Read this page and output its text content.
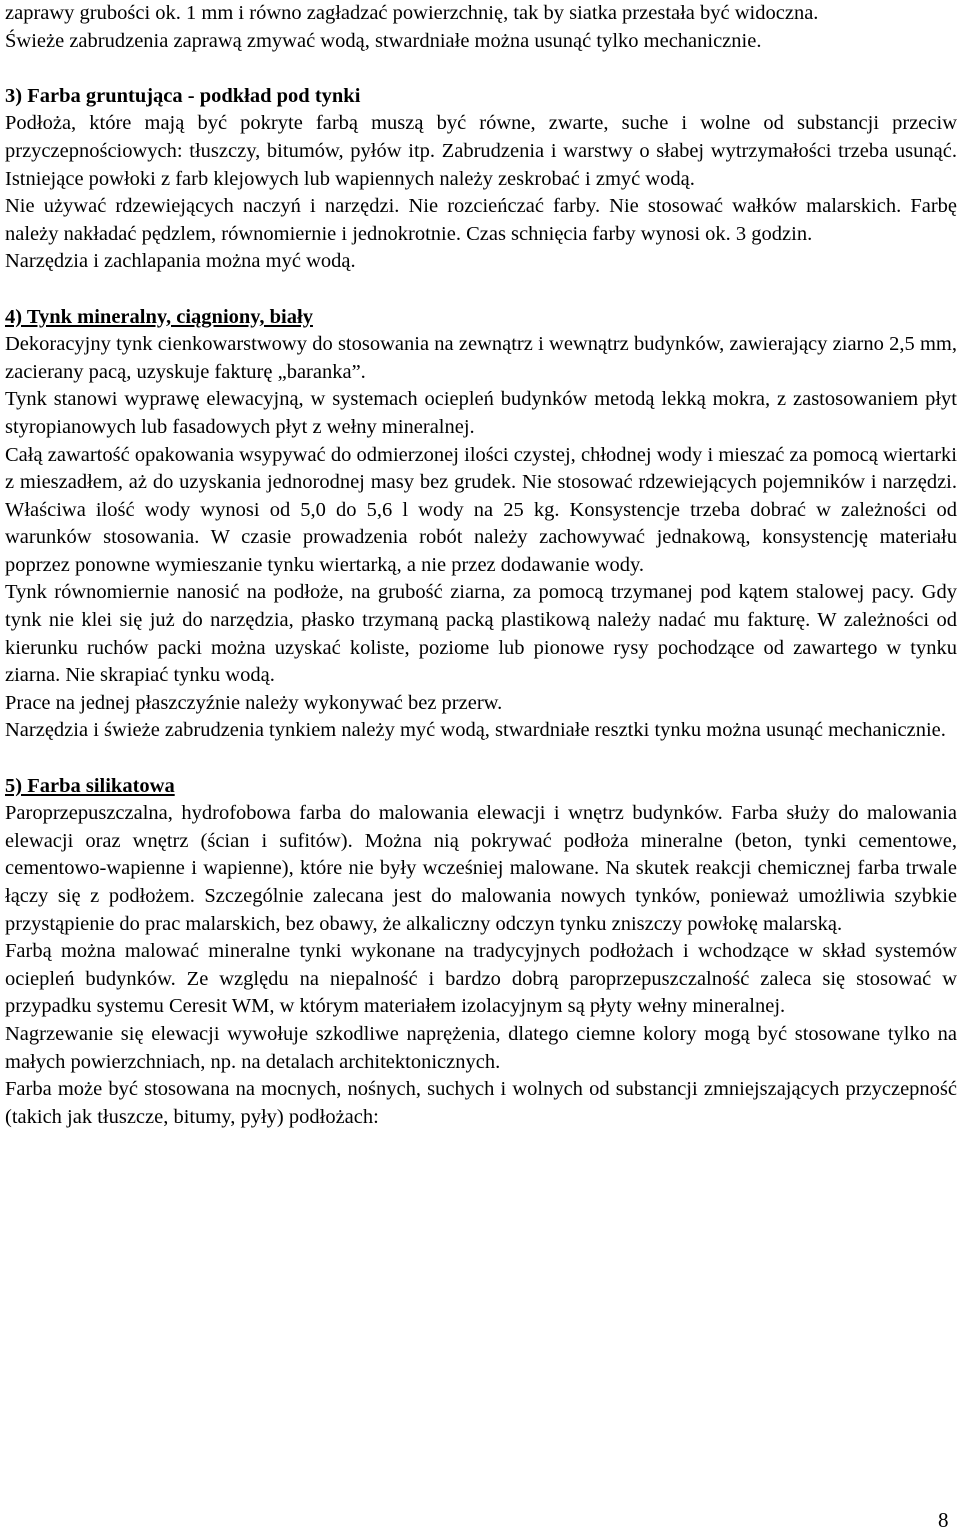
zaprawy grubości ok. 1 mm i równo zagładzać powierzchnię, tak by siatka przestała być widoczna.

Świeże zabrudzenia zaprawą zmywać wodą, stwardniałe można usunąć tylko mechanicznie.

3) Farba gruntująca - podkład pod tynki

Podłoża, które mają być pokryte farbą muszą być równe, zwarte, suche i wolne od substancji przeciw przyczepnościowych: tłuszczy, bitumów, pyłów itp. Zabrudzenia i warstwy o słabej wytrzymałości trzeba usunąć. Istniejące powłoki z farb klejowych lub wapiennych należy zeskrobać i zmyć wodą.

Nie używać rdzewiejących naczyń i narzędzi. Nie rozcieńczać farby. Nie stosować wałków malarskich. Farbę należy nakładać pędzlem, równomiernie i jednokrotnie. Czas schnięcia farby wynosi ok. 3 godzin.

Narzędzia i zachlapania można myć wodą.

4) Tynk mineralny, ciągniony, biały

Dekoracyjny tynk cienkowarstwowy do stosowania na zewnątrz i wewnątrz budynków, zawierający ziarno 2,5 mm, zacierany pacą, uzyskuje fakturę „baranka”.

Tynk stanowi wyprawę elewacyjną, w systemach ociepleń budynków metodą lekką mokra, z zastosowaniem płyt styropianowych lub fasadowych płyt z wełny mineralnej.

Całą zawartość opakowania wsypywać do odmierzonej ilości czystej, chłodnej wody i mieszać za pomocą wiertarki z mieszadłem, aż do uzyskania jednorodnej masy bez grudek. Nie stosować rdzewiejących pojemników i narzędzi. Właściwa ilość wody wynosi od 5,0 do 5,6 l wody na 25 kg. Konsystencje trzeba dobrać w zależności od warunków stosowania. W czasie prowadzenia robót należy zachowywać jednakową, konsystencję materiału poprzez ponowne wymieszanie tynku wiertarką, a nie przez dodawanie wody.

Tynk równomiernie nanosić na podłoże, na grubość ziarna, za pomocą trzymanej pod kątem stalowej pacy. Gdy tynk nie klei się już do narzędzia, płasko trzymaną packą plastikową należy nadać mu fakturę. W zależności od kierunku ruchów packi można uzyskać koliste, poziome lub pionowe rysy pochodzące od zawartego w tynku ziarna. Nie skrapiać tynku wodą.

Prace na jednej płaszczyźnie należy wykonywać bez przerw.

Narzędzia i świeże zabrudzenia tynkiem należy myć wodą, stwardniałe resztki tynku można usunąć mechanicznie.

5) Farba silikatowa

Paroprzepuszczalna, hydrofobowa farba do malowania elewacji i wnętrz budynków. Farba służy do malowania elewacji oraz wnętrz (ścian i sufitów). Można nią pokrywać podłoża mineralne (beton, tynki cementowe, cementowo-wapienne i wapienne), które nie były wcześniej malowane. Na skutek reakcji chemicznej farba trwale łączy się z podłożem. Szczególnie zalecana jest do malowania nowych tynków, ponieważ umożliwia szybkie przystąpienie do prac malarskich, bez obawy, że alkaliczny odczyn tynku zniszczy powłokę malarską.

Farbą można malować mineralne tynki wykonane na tradycyjnych podłożach i wchodzące w skład systemów ociepleń budynków. Ze względu na niepalność i bardzo dobrą paroprzepuszczalność zaleca się stosować w przypadku systemu Ceresit WM, w którym materiałem izolacyjnym są płyty wełny mineralnej.

Nagrzewanie się elewacji wywołuje szkodliwe naprężenia, dlatego ciemne kolory mogą być stosowane tylko na małych powierzchniach, np. na detalach architektonicznych.

Farba może być stosowana na mocnych, nośnych, suchych i wolnych od substancji zmniejszających przyczepność (takich jak tłuszcze, bitumy, pyły) podłożach:

8
